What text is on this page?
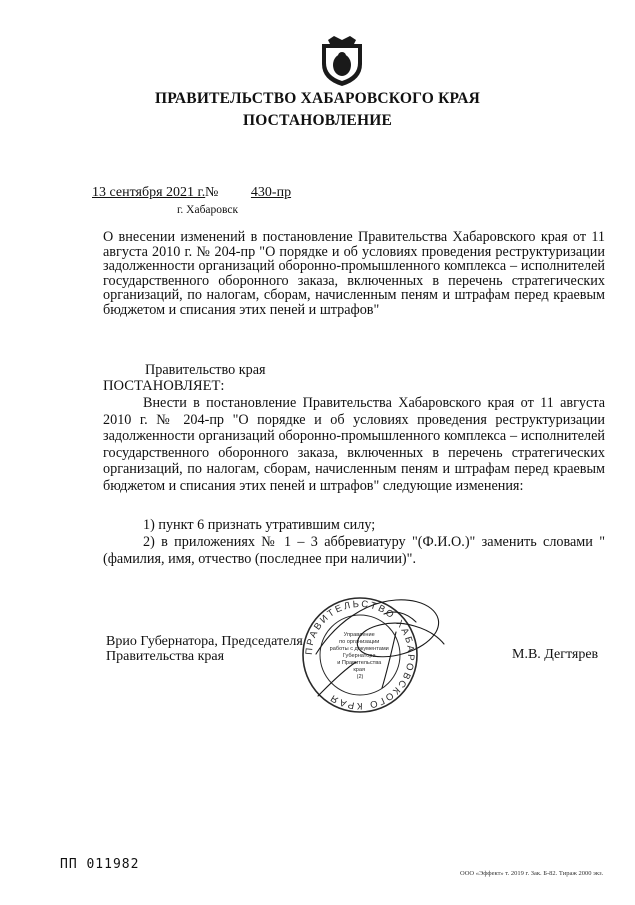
ПРАВИТЕЛЬСТВО ХАБАРОВСКОГО КРАЯ
ПОСТАНОВЛЕНИЕ
13 сентября 2021 г. №	430-пр
г. Хабаровск
О внесении изменений в постановление Правительства Хабаровского края от 11 августа 2010 г. № 204-пр "О порядке и об условиях проведения реструктуризации задолженности организаций оборонно-промышленного комплекса – исполнителей государственного оборонного заказа, включенных в перечень стратегических организаций, по налогам, сборам, начисленным пеням и штрафам перед краевым бюджетом и списания этих пеней и штрафов"
Правительство края
ПОСТАНОВЛЯЕТ:
Внести в постановление Правительства Хабаровского края от 11 августа 2010 г. № 204-пр "О порядке и об условиях проведения реструктуризации задолженности организаций оборонно-промышленного комплекса – исполнителей государственного оборонного заказа, включенных в перечень стратегических организаций, по налогам, сборам, начисленным пеням и штрафам перед краевым бюджетом и списания этих пеней и штрафов" следующие изменения:
1) пункт 6 признать утратившим силу;
2) в приложениях № 1 – 3 аббревиатуру "(Ф.И.О.)" заменить словами "(фамилия, имя, отчество (последнее при наличии)".
Врио Губернатора, Председателя Правительства края	М.В. Дегтярев
ПРАВИТЕЛЬСТВО ХАБАРОВСКОГО КРАЯ
Управление по организации работы с документами Губернатора и Правительства края (2)
ПП 011982
ООО «Эффект» т. 2019 г. Зак. Б-82. Тираж 2000 экз.
